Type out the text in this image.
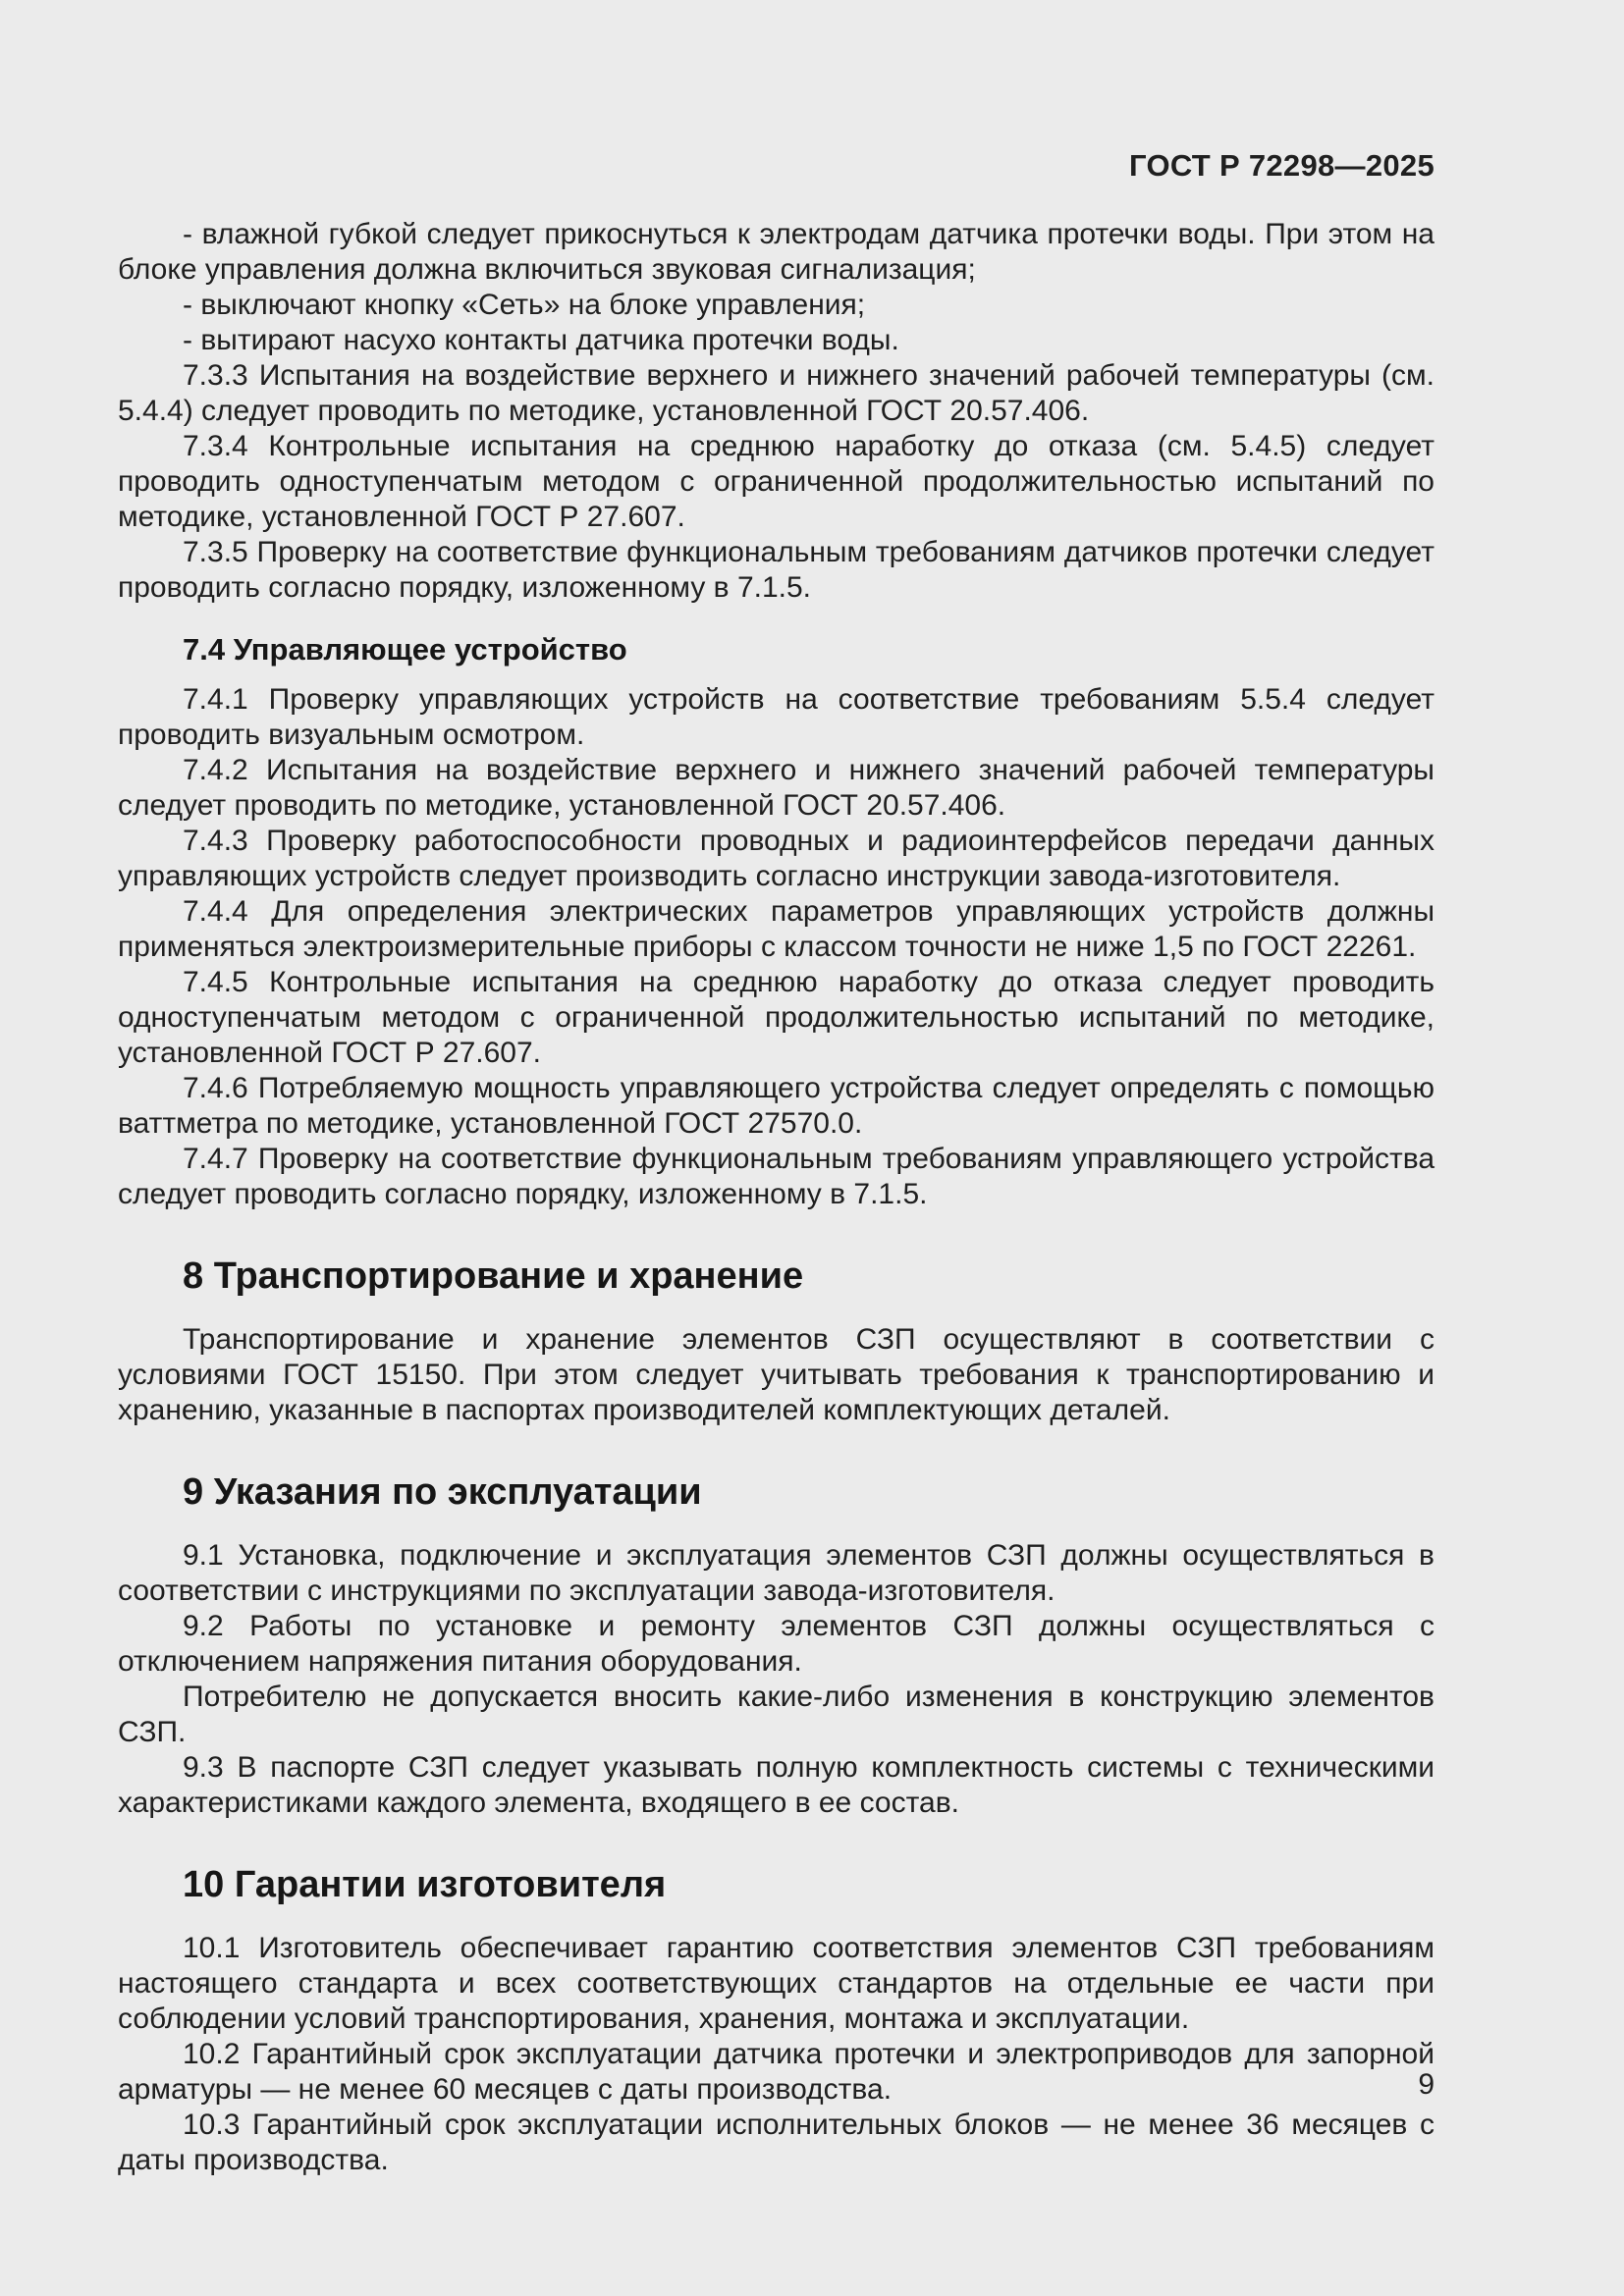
ГОСТ Р 72298—2025
- влажной губкой следует прикоснуться к электродам датчика протечки воды. При этом на блоке управления должна включиться звуковая сигнализация;
- выключают кнопку «Сеть» на блоке управления;
- вытирают насухо контакты датчика протечки воды.
7.3.3 Испытания на воздействие верхнего и нижнего значений рабочей температуры (см. 5.4.4) следует проводить по методике, установленной ГОСТ 20.57.406.
7.3.4 Контрольные испытания на среднюю наработку до отказа (см. 5.4.5) следует проводить одноступенчатым методом с ограниченной продолжительностью испытаний по методике, установленной ГОСТ Р 27.607.
7.3.5 Проверку на соответствие функциональным требованиям датчиков протечки следует проводить согласно порядку, изложенному в 7.1.5.
7.4 Управляющее устройство
7.4.1 Проверку управляющих устройств на соответствие требованиям 5.5.4 следует проводить визуальным осмотром.
7.4.2 Испытания на воздействие верхнего и нижнего значений рабочей температуры следует проводить по методике, установленной ГОСТ 20.57.406.
7.4.3 Проверку работоспособности проводных и радиоинтерфейсов передачи данных управляющих устройств следует производить согласно инструкции завода-изготовителя.
7.4.4 Для определения электрических параметров управляющих устройств должны применяться электроизмерительные приборы с классом точности не ниже 1,5 по ГОСТ 22261.
7.4.5 Контрольные испытания на среднюю наработку до отказа следует проводить одноступенчатым методом с ограниченной продолжительностью испытаний по методике, установленной ГОСТ Р 27.607.
7.4.6 Потребляемую мощность управляющего устройства следует определять с помощью ваттметра по методике, установленной ГОСТ 27570.0.
7.4.7 Проверку на соответствие функциональным требованиям управляющего устройства следует проводить согласно порядку, изложенному в 7.1.5.
8 Транспортирование и хранение
Транспортирование и хранение элементов СЗП осуществляют в соответствии с условиями ГОСТ 15150. При этом следует учитывать требования к транспортированию и хранению, указанные в паспортах производителей комплектующих деталей.
9 Указания по эксплуатации
9.1 Установка, подключение и эксплуатация элементов СЗП должны осуществляться в соответствии с инструкциями по эксплуатации завода-изготовителя.
9.2 Работы по установке и ремонту элементов СЗП должны осуществляться с отключением напряжения питания оборудования.
Потребителю не допускается вносить какие-либо изменения в конструкцию элементов СЗП.
9.3 В паспорте СЗП следует указывать полную комплектность системы с техническими характеристиками каждого элемента, входящего в ее состав.
10 Гарантии изготовителя
10.1 Изготовитель обеспечивает гарантию соответствия элементов СЗП требованиям настоящего стандарта и всех соответствующих стандартов на отдельные ее части при соблюдении условий транспортирования, хранения, монтажа и эксплуатации.
10.2 Гарантийный срок эксплуатации датчика протечки и электроприводов для запорной арматуры — не менее 60 месяцев с даты производства.
10.3 Гарантийный срок эксплуатации исполнительных блоков — не менее 36 месяцев с даты производства.
9
